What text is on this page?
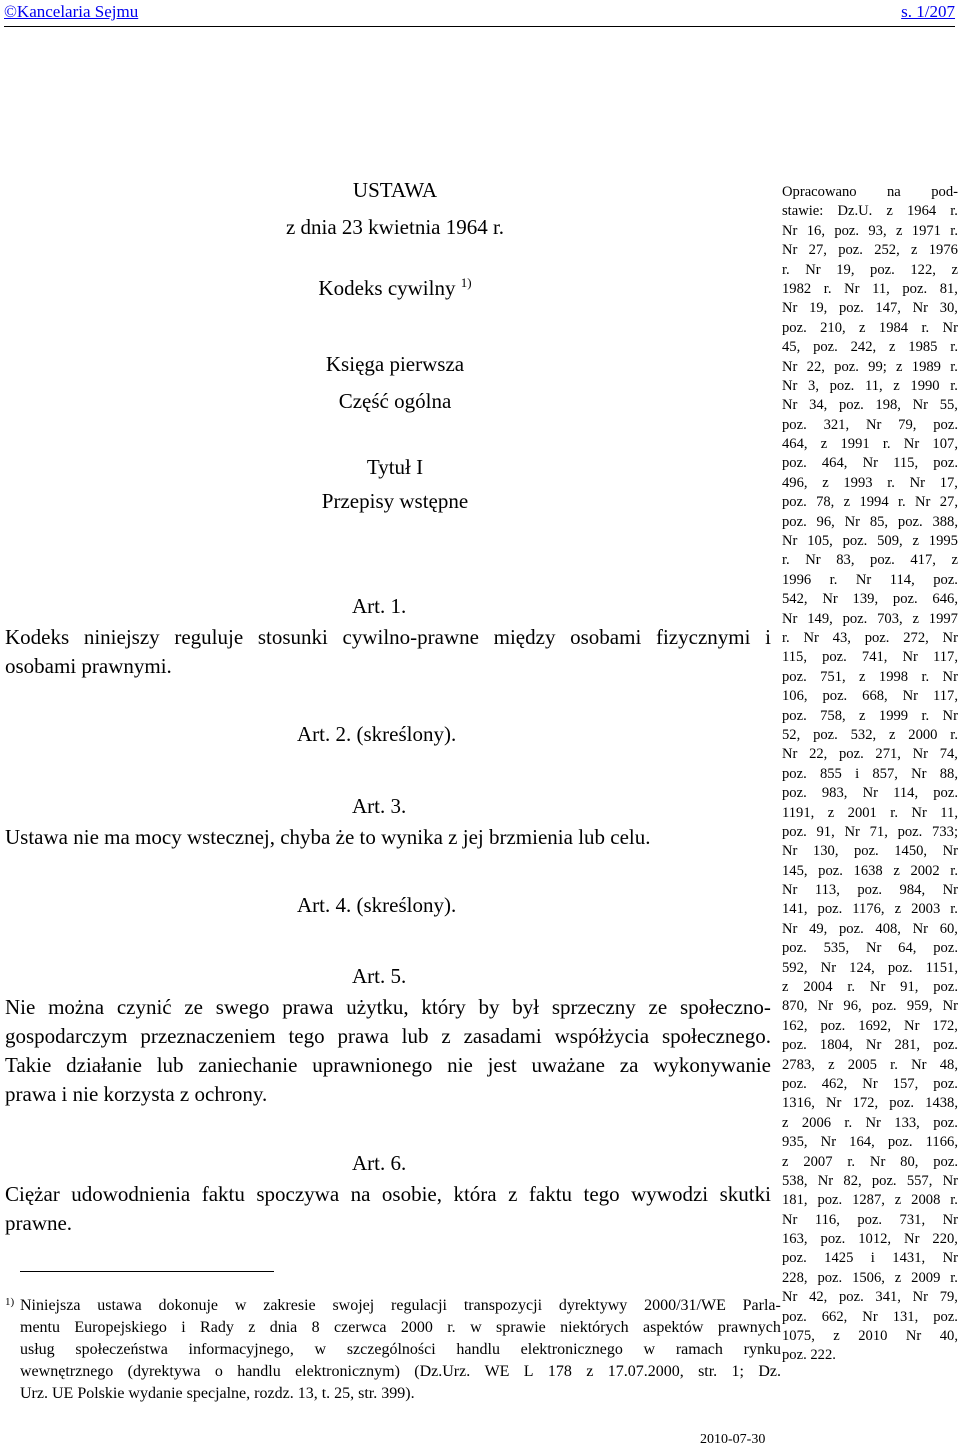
©Kancelaria Sejmu	s. 1/207
USTAWA
z dnia 23 kwietnia 1964 r.
Kodeks cywilny $^{1)}$
Księga pierwsza
Część ogólna
Tytuł I
Przepisy wstępne
Art. 1.
Kodeks niniejszy reguluje stosunki cywilno-prawne między osobami fizycznymi i
osobami prawnymi.
Art. 2. (skreślony).
Art. 3.
Ustawa nie ma mocy wstecznej, chyba że to wynika z jej brzmienia lub celu.
Art. 4. (skreślony).
Art. 5.
Nie można czynić ze swego prawa użytku, który by był sprzeczny ze społeczno-
gospodarczym przeznaczeniem tego prawa lub z zasadami współżycia społecznego.
Takie działanie lub zaniechanie uprawnionego nie jest uważane za wykonywanie
prawa i nie korzysta z ochrony.
Art. 6.
Ciężar udowodnienia faktu spoczywa na osobie, która z faktu tego wywodzi skutki
prawne.
Opracowano na pod-
stawie: Dz.U. z 1964 r.
Nr 16, poz. 93, z 1971 r.
Nr 27, poz. 252, z 1976
r. Nr 19, poz. 122, z
1982 r. Nr 11, poz. 81,
Nr 19, poz. 147, Nr 30,
poz. 210, z 1984 r. Nr
45, poz. 242, z 1985 r.
Nr 22, poz. 99; z 1989 r.
Nr 3, poz. 11, z 1990 r.
Nr 34, poz. 198, Nr 55,
poz. 321, Nr 79, poz.
464, z 1991 r. Nr 107,
poz. 464, Nr 115, poz.
496, z 1993 r. Nr 17,
poz. 78, z 1994 r. Nr 27,
poz. 96, Nr 85, poz. 388,
Nr 105, poz. 509, z 1995
r. Nr 83, poz. 417, z
1996 r. Nr 114, poz.
542, Nr 139, poz. 646,
Nr 149, poz. 703, z 1997
r. Nr 43, poz. 272, Nr
115, poz. 741, Nr 117,
poz. 751, z 1998 r. Nr
106, poz. 668, Nr 117,
poz. 758, z 1999 r. Nr
52, poz. 532, z 2000 r.
Nr 22, poz. 271, Nr 74,
poz. 855 i 857, Nr 88,
poz. 983, Nr 114, poz.
1191, z 2001 r. Nr 11,
poz. 91, Nr 71, poz. 733;
Nr 130, poz. 1450, Nr
145, poz. 1638 z 2002 r.
Nr 113, poz. 984, Nr
141, poz. 1176, z 2003 r.
Nr 49, poz. 408, Nr 60,
poz. 535, Nr 64, poz.
592, Nr 124, poz. 1151,
z 2004 r. Nr 91, poz.
870, Nr 96, poz. 959, Nr
162, poz. 1692, Nr 172,
poz. 1804, Nr 281, poz.
2783, z 2005 r. Nr 48,
poz. 462, Nr 157, poz.
1316, Nr 172, poz. 1438,
z 2006 r. Nr 133, poz.
935, Nr 164, poz. 1166,
z 2007 r. Nr 80, poz.
538, Nr 82, poz. 557, Nr
181, poz. 1287, z 2008 r.
Nr 116, poz. 731, Nr
163, poz. 1012, Nr 220,
poz. 1425 i 1431, Nr
228, poz. 1506, z 2009 r.
Nr 42, poz. 341, Nr 79,
poz. 662, Nr 131, poz.
1075, z 2010 Nr 40,
poz. 222.
1) Niniejsza ustawa dokonuje w zakresie swojej regulacji transpozycji dyrektywy 2000/31/WE Parla-
mentu Europejskiego i Rady z dnia 8 czerwca 2000 r. w sprawie niektórych aspektów prawnych
usług społeczeństwa informacyjnego, w szczególności handlu elektronicznego w ramach rynku
wewnętrznego (dyrektywa o handlu elektronicznym) (Dz.Urz. WE L 178 z 17.07.2000, str. 1; Dz.
Urz. UE Polskie wydanie specjalne, rozdz. 13, t. 25, str. 399).
2010-07-30
